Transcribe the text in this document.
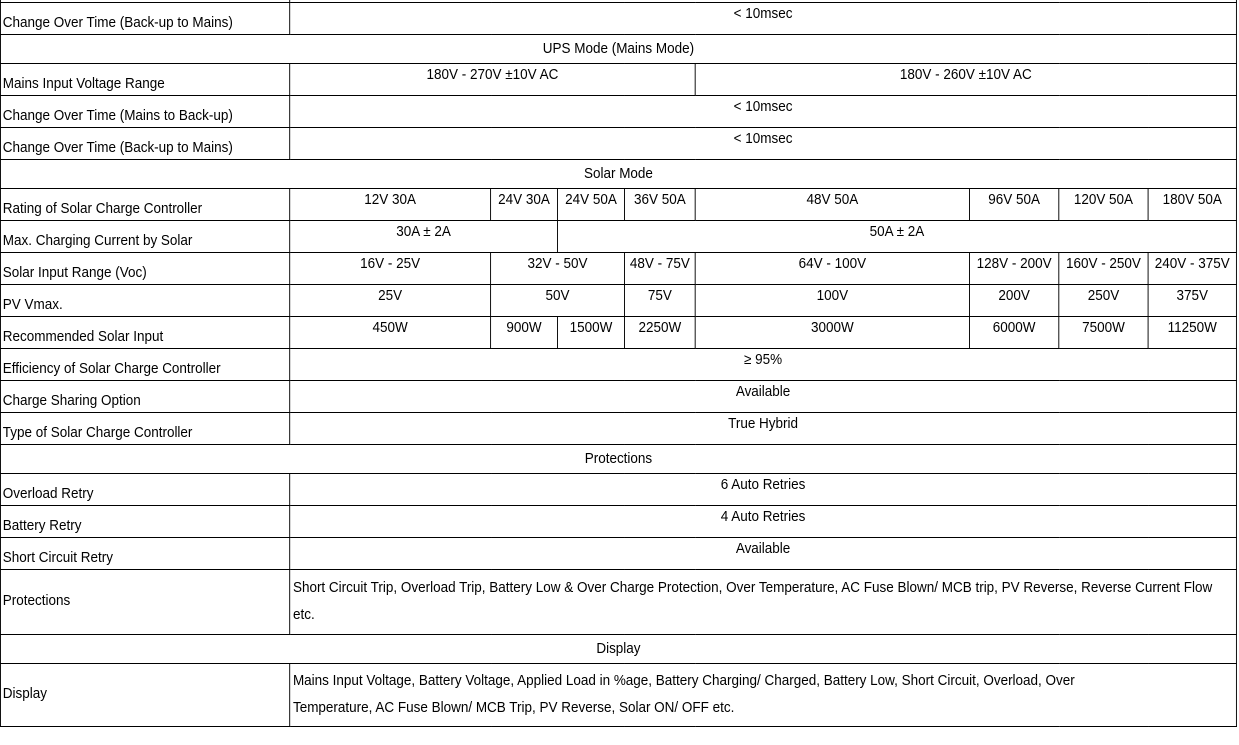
Change Over Time (Back-up to Mains)	< 10msec							
UPS Mode (Mains Mode)								
Mains Input Voltage Range	180V - 270V ±10V AC				180V - 260V ±10V AC			
Change Over Time (Mains to Back-up)	< 10msec							
Change Over Time (Back-up to Mains)	< 10msec							
Solar Mode								
Rating of Solar Charge Controller	12V 30A	24V 30A	24V 50A	36V 50A	48V 50A	96V 50A	120V 50A	180V 50A
Max. Charging Current by Solar	30A ± 2A		50A ± 2A					
Solar Input Range (Voc)	16V - 25V	32V - 50V		48V - 75V	64V - 100V	128V - 200V	160V - 250V	240V - 375V
PV Vmax.	25V	50V		75V	100V	200V	250V	375V
Recommended Solar Input	450W	900W	1500W	2250W	3000W	6000W	7500W	11250W
Efficiency of Solar Charge Controller	≥ 95%							
Charge Sharing Option	Available							
Type of Solar Charge Controller	True Hybrid							
Protections								
Overload Retry	6 Auto Retries							
Battery Retry	4 Auto Retries							
Short Circuit Retry	Available							
Protections	Short Circuit Trip, Overload Trip, Battery Low & Over Charge Protection, Over Temperature, AC Fuse Blown/ MCB trip, PV Reverse, Reverse Current Flow etc.							
Display								
Display	Mains Input Voltage, Battery Voltage, Applied Load in %age, Battery Charging/ Charged, Battery Low, Short Circuit, Overload, Over Temperature, AC Fuse Blown/ MCB Trip, PV Reverse, Solar ON/ OFF etc.							
